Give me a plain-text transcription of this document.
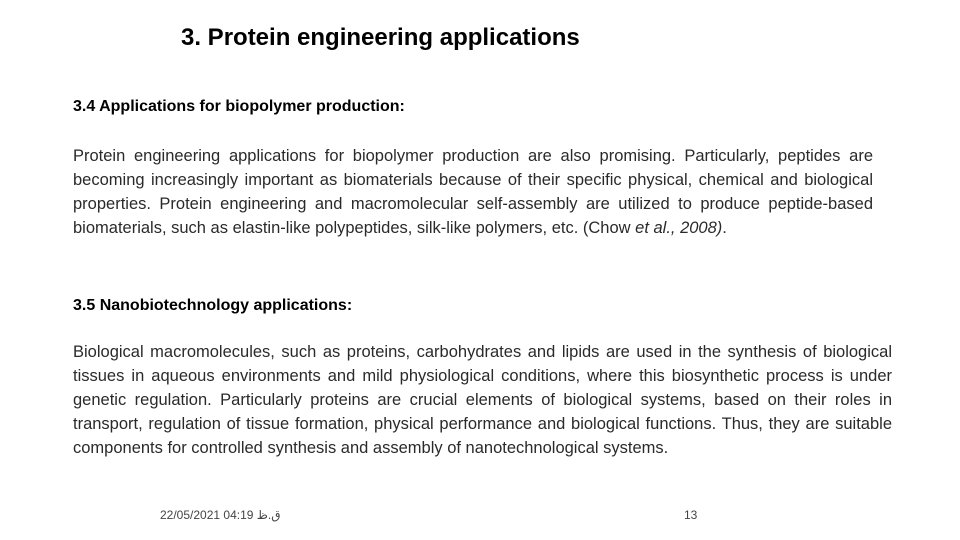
3. Protein engineering applications
3.4 Applications for biopolymer production:
Protein engineering applications for biopolymer production are also promising. Particularly, peptides are becoming increasingly important as biomaterials because of their specific physical, chemical and biological properties. Protein engineering and macromolecular self-assembly are utilized to produce peptide-based biomaterials, such as elastin-like polypeptides, silk-like polymers, etc. (Chow et al., 2008).
3.5 Nanobiotechnology applications:
Biological macromolecules, such as proteins, carbohydrates and lipids are used in the synthesis of biological tissues in aqueous environments and mild physiological conditions, where this biosynthetic process is under genetic regulation. Particularly proteins are crucial elements of biological systems, based on their roles in transport, regulation of tissue formation, physical performance and biological functions. Thus, they are suitable components for controlled synthesis and assembly of nanotechnological systems.
ق.ظ 04:19 22/05/2021	13
